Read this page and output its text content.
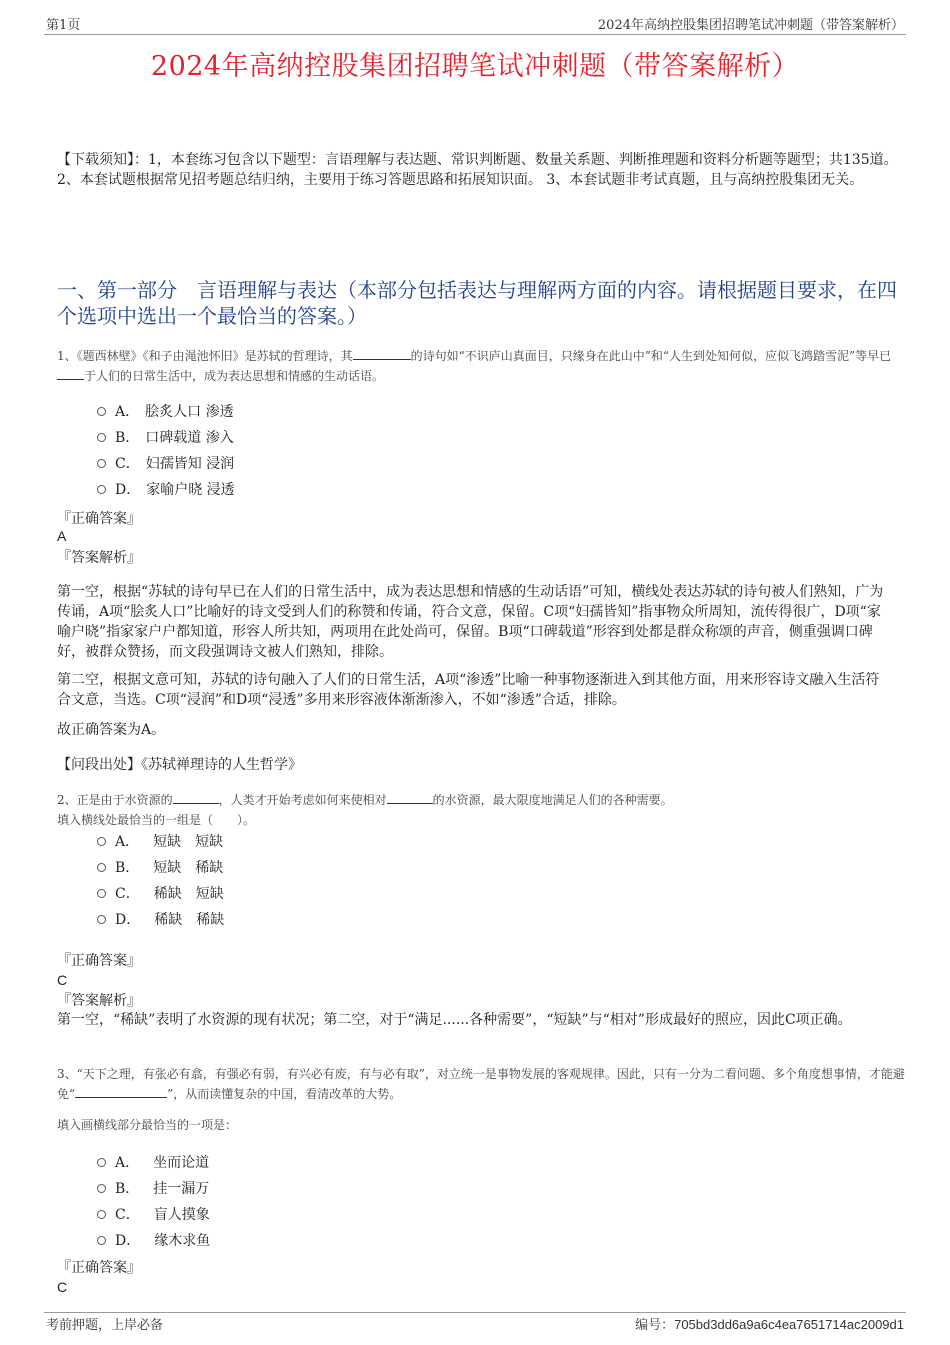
第1页	2024年高纳控股集团招聘笔试冲刺题（带答案解析）
2024年高纳控股集团招聘笔试冲刺题（带答案解析）
【下载须知】：1，本套练习包含以下题型：言语理解与表达题、常识判断题、数量关系题、判断推理题和资料分析题等题型；共135道。 2、本套试题根据常见招考题总结归纳，主要用于练习答题思路和拓展知识面。 3、本套试题非考试真题，且与高纳控股集团无关。
一、第一部分　言语理解与表达（本部分包括表达与理解两方面的内容。请根据题目要求，在四个选项中选出一个最恰当的答案。）
1、《题西林壁》《和子由渑池怀旧》是苏轼的哲理诗，其	的诗句如“不识庐山真面目，只缘身在此山中”和“人生到处知何似，应似飞鸿踏雪泥”等早已于人们的日常生活中，成为表达思想和情感的生动话语。
A． 脍炙人口 渗透
B． 口碑载道 渗入
C． 妇孺皆知 浸润
D． 家喻户晓 浸透
『正确答案』
A
『答案解析』
第一空，根据“苏轼的诗句早已在人们的日常生活中，成为表达思想和情感的生动话语”可知，横线处表达苏轼的诗句被人们熟知，广为传诵，A项“脍炙人口”比喻好的诗文受到人们的称赞和传诵，符合文意，保留。C项“妇孺皆知”指事物众所周知，流传得很广，D项“家喻户晓”指家家户户都知道，形容人所共知，两项用在此处尚可，保留。B项“口碑载道”形容到处都是群众称颂的声音，侧重强调口碑好，被群众赞扬，而文段强调诗文被人们熟知，排除。
第二空，根据文意可知，苏轼的诗句融入了人们的日常生活，A项“渗透”比喻一种事物逐渐进入到其他方面，用来形容诗文融入生活符合文意，当选。C项“浸润”和D项“浸透”多用来形容液体渐渐渗入，不如“渗透”合适，排除。
故正确答案为A。
【问段出处】《苏轼禅理诗的人生哲学》
2、正是由于水资源的	，人类才开始考虑如何来使相对	的水资源，最大限度地满足人们的各种需要。
填入横线处最恰当的一组是（　　）。
A． 短缺　短缺
B． 短缺　稀缺
C． 稀缺　短缺
D． 稀缺　稀缺
『正确答案』
C
『答案解析』
第一空，“稀缺”表明了水资源的现有状况；第二空，对于“满足......各种需要”，“短缺”与“相对”形成最好的照应，因此C项正确。
3、“天下之理，有张必有翕，有强必有弱，有兴必有废，有与必有取”，对立统一是事物发展的客观规律。因此，只有一分为二看问题、多个角度想事情，才能避免“	”，从而读懂复杂的中国，看清改革的大势。
填入画横线部分最恰当的一项是：
A． 坐而论道
B． 挂一漏万
C． 盲人摸象
D． 缘木求鱼
『正确答案』
C
考前押题，上岸必备	编号：705bd3dd6a9a6c4ea7651714ac2009d1
